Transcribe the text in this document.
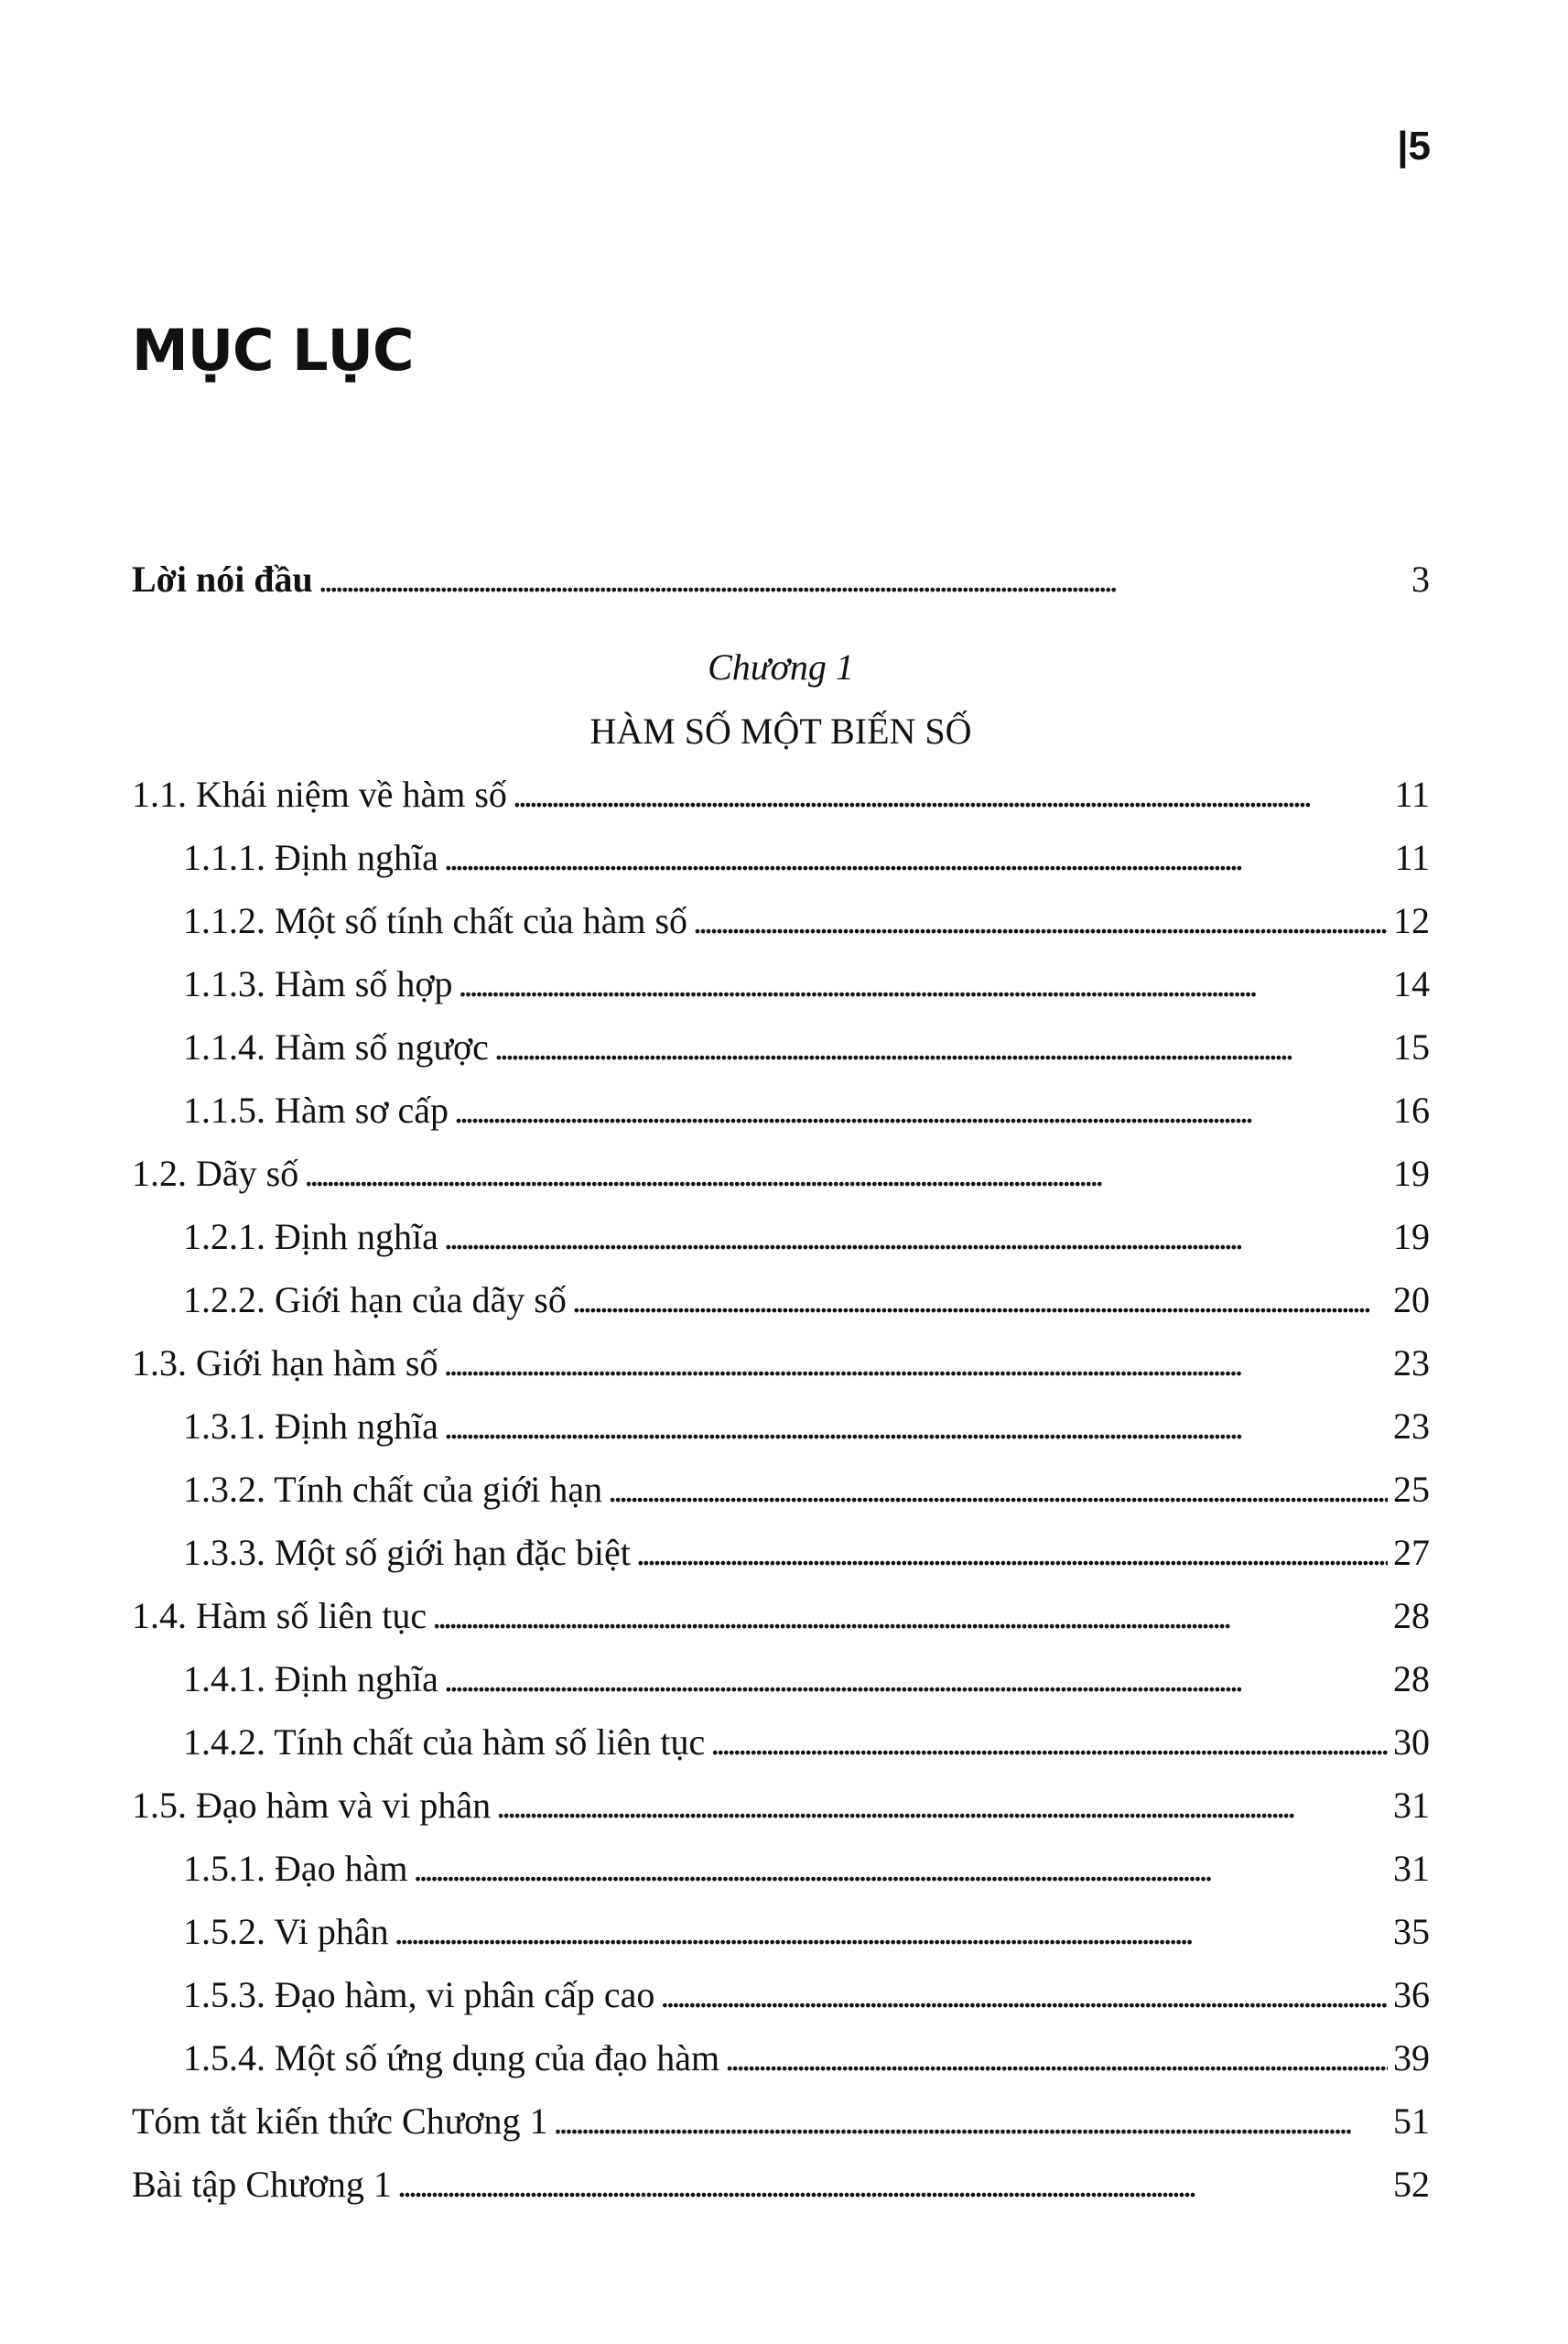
|5
MỤC LỤC
Lời nói đầu . . .	3
Chương 1
HÀM SỐ MỘT BIẾN SỐ
1.1. Khái niệm về hàm số . . .	11
1.1.1. Định nghĩa . . .	11
1.1.2. Một số tính chất của hàm số . . .	12
1.1.3. Hàm số hợp . . .	14
1.1.4. Hàm số ngược . . .	15
1.1.5. Hàm sơ cấp . . .	16
1.2. Dãy số . . .	19
1.2.1. Định nghĩa . . .	19
1.2.2. Giới hạn của dãy số . . .	20
1.3. Giới hạn hàm số . . .	23
1.3.1. Định nghĩa . . .	23
1.3.2. Tính chất của giới hạn . . .	25
1.3.3. Một số giới hạn đặc biệt . . .	27
1.4. Hàm số liên tục . . .	28
1.4.1. Định nghĩa . . .	28
1.4.2. Tính chất của hàm số liên tục . . .	30
1.5. Đạo hàm và vi phân . . .	31
1.5.1. Đạo hàm . . .	31
1.5.2. Vi phân . . .	35
1.5.3. Đạo hàm, vi phân cấp cao . . .	36
1.5.4. Một số ứng dụng của đạo hàm . . .	39
Tóm tắt kiến thức Chương 1 . . .	51
Bài tập Chương 1 . . .	52
